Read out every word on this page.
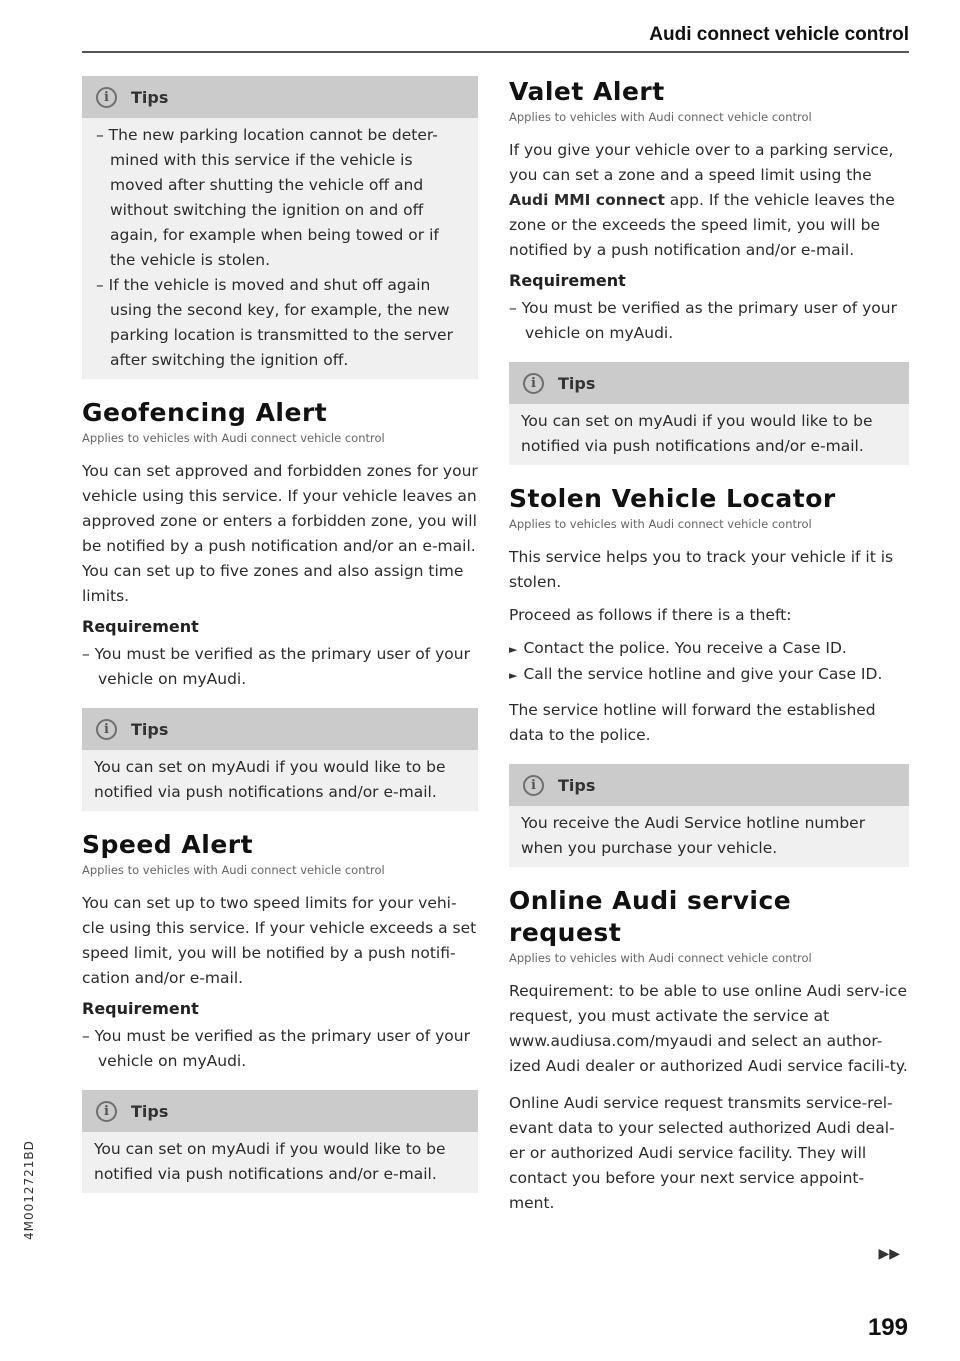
Audi connect vehicle control
i	Tips

– The new parking location cannot be deter-mined with this service if the vehicle is moved after shutting the vehicle off and without switching the ignition on and off again, for example when being towed or if the vehicle is stolen.

– If the vehicle is moved and shut off again using the second key, for example, the new parking location is transmitted to the server after switching the ignition off.

Geofencing Alert
Applies to vehicles with Audi connect vehicle control

You can set approved and forbidden zones for your vehicle using this service. If your vehicle leaves an approved zone or enters a forbidden zone, you will be notified by a push notification and/or an e-mail. You can set up to five zones and also assign time limits.

Requirement

– You must be verified as the primary user of your vehicle on myAudi.

i	Tips

You can set on myAudi if you would like to be notified via push notifications and/or e-mail.

Speed Alert
Applies to vehicles with Audi connect vehicle control

You can set up to two speed limits for your vehi-cle using this service. If your vehicle exceeds a set speed limit, you will be notified by a push notifi-cation and/or e-mail.

Requirement

– You must be verified as the primary user of your vehicle on myAudi.

i	Tips

You can set on myAudi if you would like to be notified via push notifications and/or e-mail.

Valet Alert
Applies to vehicles with Audi connect vehicle control

If you give your vehicle over to a parking service, you can set a zone and a speed limit using the Audi MMI connect app. If the vehicle leaves the zone or the exceeds the speed limit, you will be notified by a push notification and/or e-mail.

Requirement

– You must be verified as the primary user of your vehicle on myAudi.

i	Tips

You can set on myAudi if you would like to be notified via push notifications and/or e-mail.

Stolen Vehicle Locator
Applies to vehicles with Audi connect vehicle control

This service helps you to track your vehicle if it is stolen.

Proceed as follows if there is a theft:

► Contact the police. You receive a Case ID.

► Call the service hotline and give your Case ID.

The service hotline will forward the established data to the police.

i	Tips

You receive the Audi Service hotline number when you purchase your vehicle.

Online Audi service request
Applies to vehicles with Audi connect vehicle control

Requirement: to be able to use online Audi serv-ice request, you must activate the service at www.audiusa.com/myaudi and select an author-ized Audi dealer or authorized Audi service facili-ty.

Online Audi service request transmits service-rel-evant data to your selected authorized Audi deal-er or authorized Audi service facility. They will contact you before your next service appoint-ment.

▶▶
199
4M0012721BD
